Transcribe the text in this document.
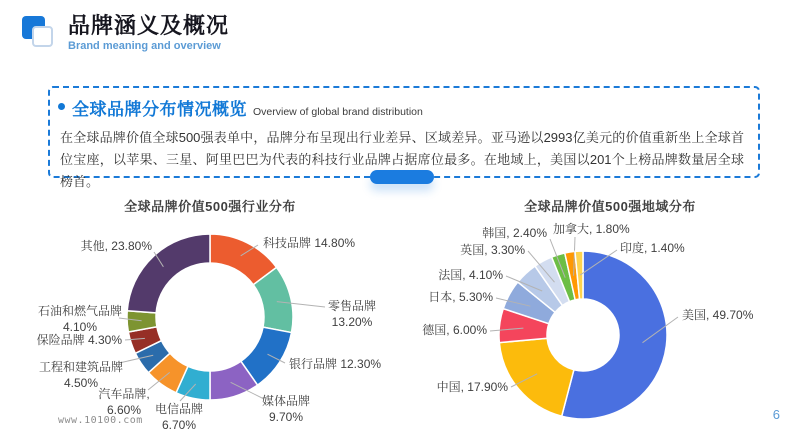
品牌涵义及概况
Brand meaning and overview
全球品牌分布情况概览 Overview of global brand distribution
在全球品牌价值全球500强表单中，品牌分布呈现出行业差异、区域差异。亚马逊以2993亿美元的价值重新坐上全球首位宝座，以苹果、三星、阿里巴巴为代表的科技行业品牌占据席位最多。在地域上，美国以201个上榜品牌数量居全球榜首。
全球品牌价值500强行业分布
科技品牌 14.80%
零售品牌 13.20%
银行品牌 12.30%
媒体品牌 9.70%
电信品牌 6.70%
汽车品牌, 6.60%
工程和建筑品牌 4.50%
保险品牌 4.30%
石油和燃气品牌 4.10%
其他, 23.80%
全球品牌价值500强地域分布
美国, 49.70%
中国, 17.90%
德国, 6.00%
日本, 5.30%
法国, 4.10%
英国, 3.30%
韩国, 2.40% 加拿大, 1.80%
印度, 1.40%
www.10100.com	6
